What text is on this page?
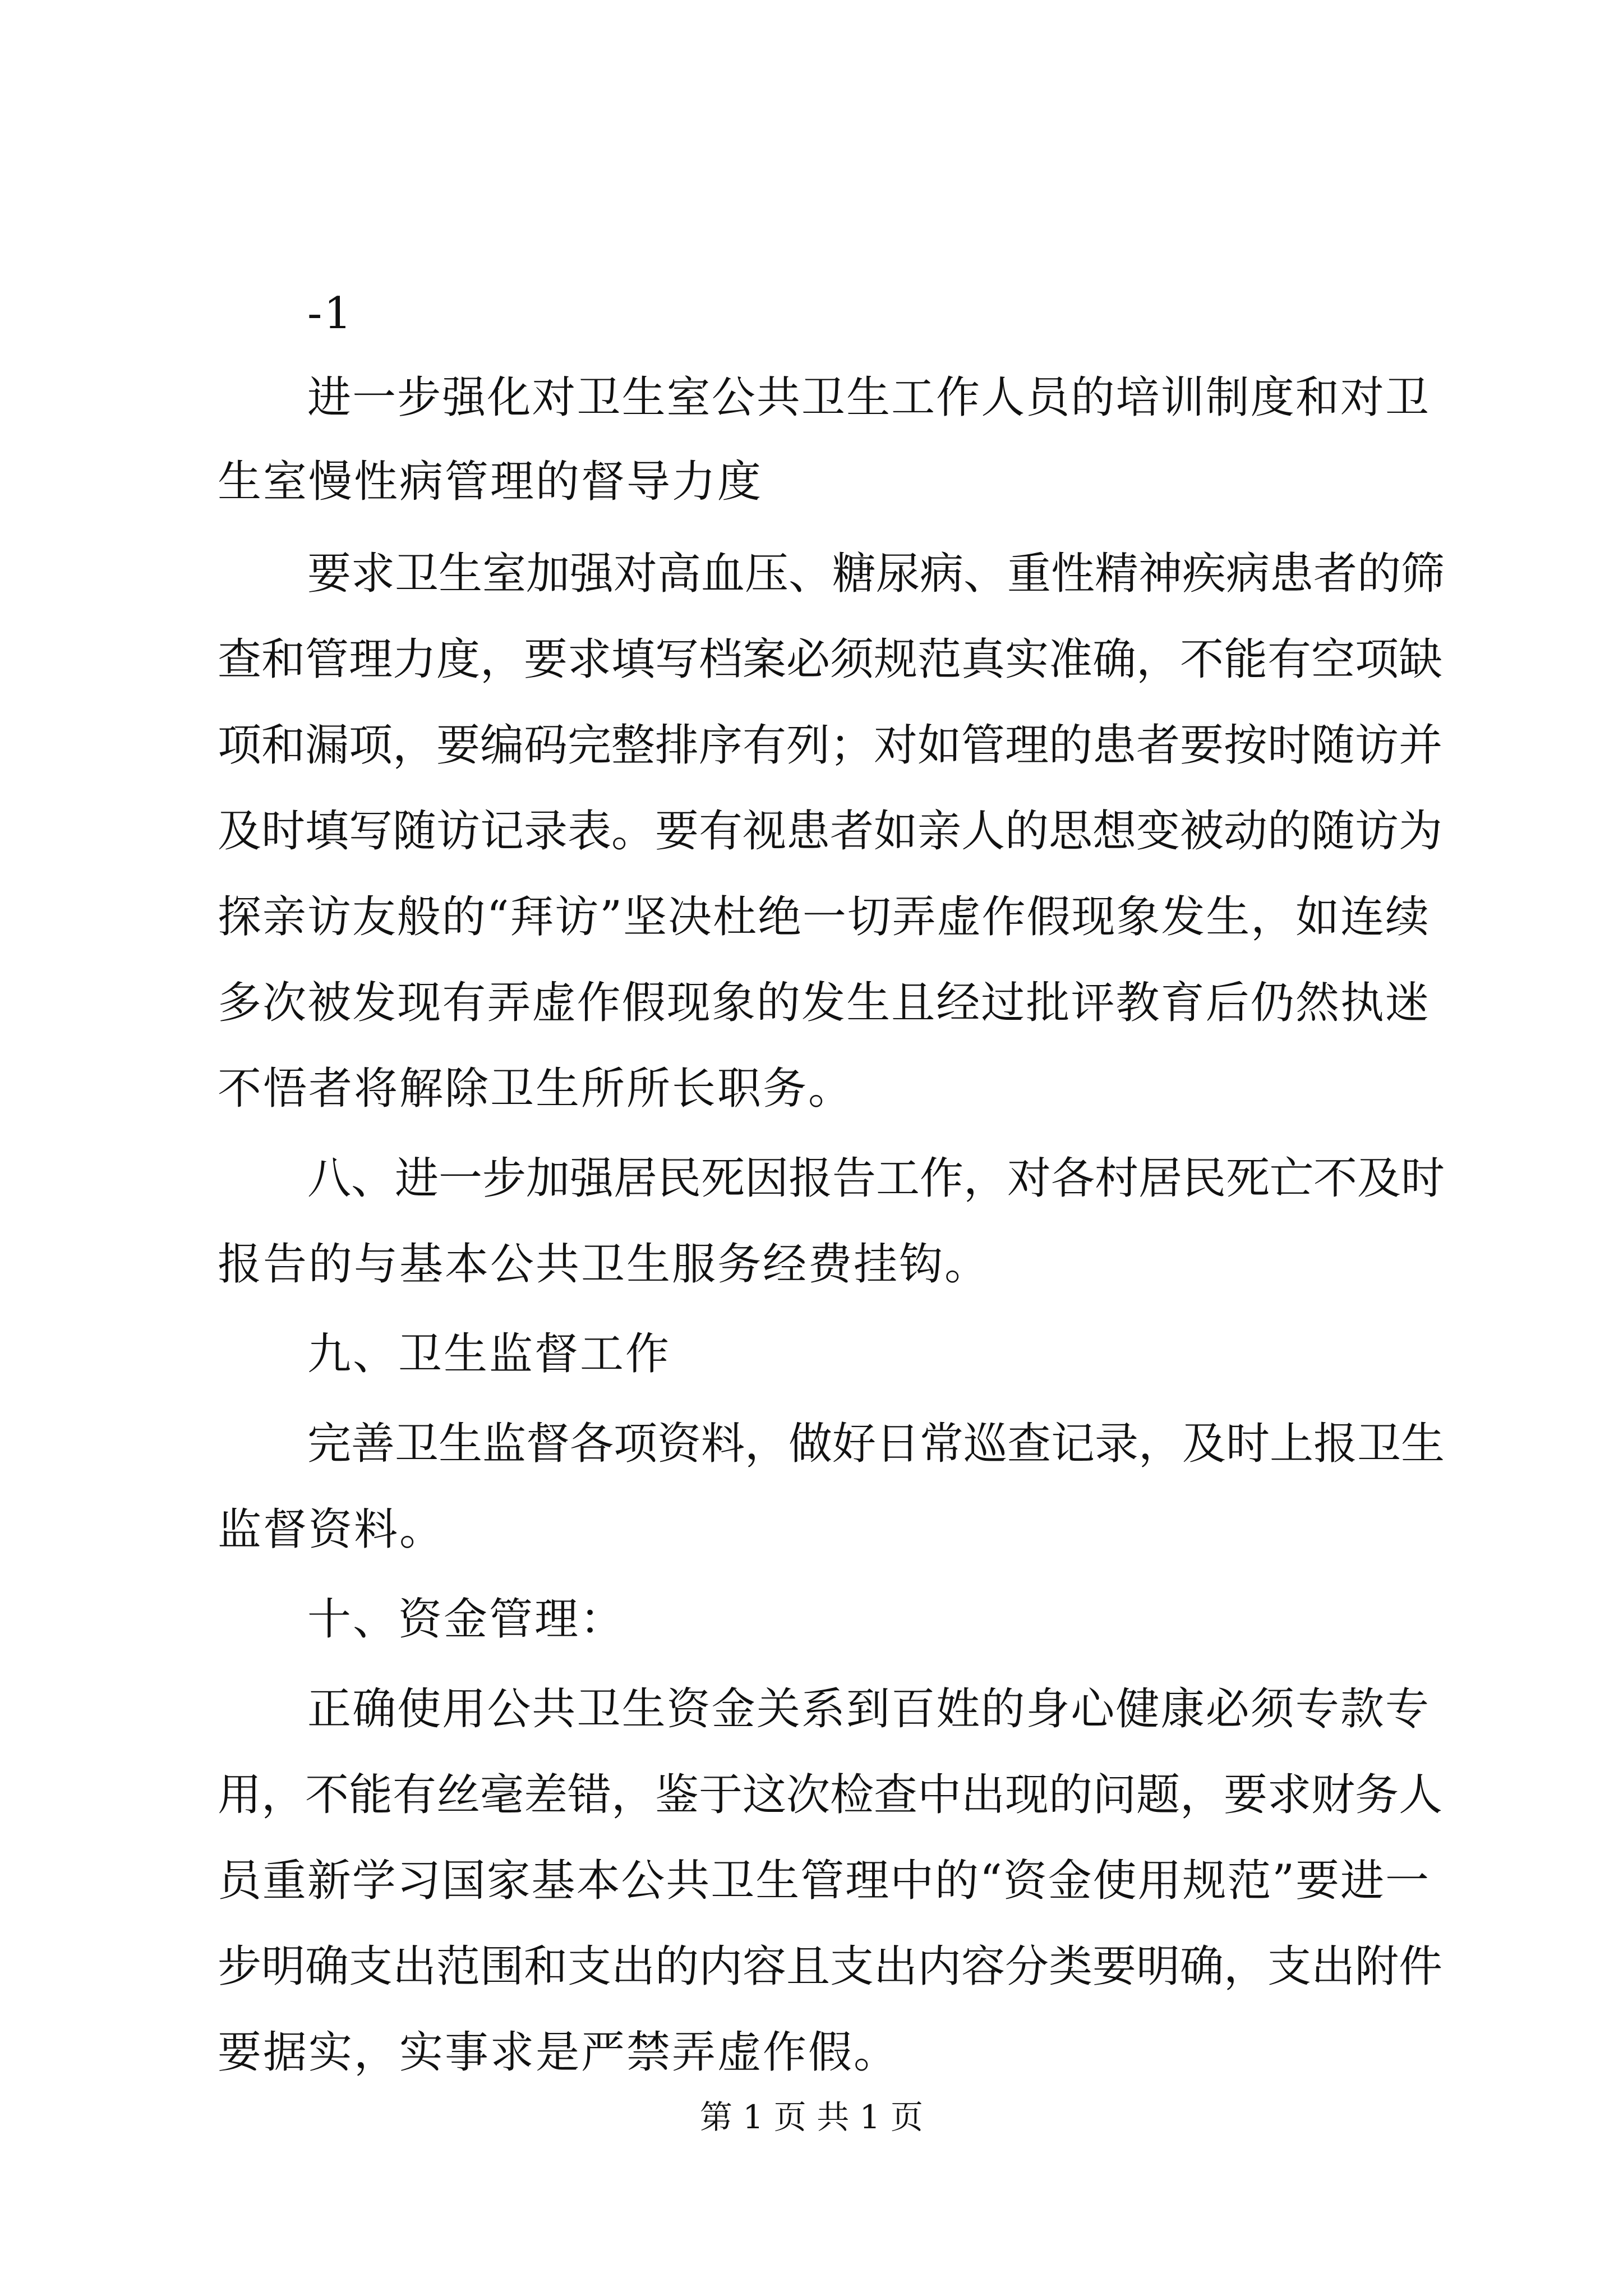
-1
进一步强化对卫生室公共卫生工作人员的培训制度和对卫
生室慢性病管理的督导力度
要求卫生室加强对高血压、糖尿病、重性精神疾病患者的筛
查和管理力度，要求填写档案必须规范真实准确，不能有空项缺
项和漏项，要编码完整排序有列；对如管理的患者要按时随访并
及时填写随访记录表。要有视患者如亲人的思想变被动的随访为
探亲访友般的“拜访”坚决杜绝一切弄虚作假现象发生，如连续
多次被发现有弄虚作假现象的发生且经过批评教育后仍然执迷
不悟者将解除卫生所所长职务。
八、进一步加强居民死因报告工作，对各村居民死亡不及时
报告的与基本公共卫生服务经费挂钩。
九、卫生监督工作
完善卫生监督各项资料，做好日常巡查记录，及时上报卫生
监督资料。
十、资金管理：
正确使用公共卫生资金关系到百姓的身心健康必须专款专
用，不能有丝毫差错，鉴于这次检查中出现的问题，要求财务人
员重新学习国家基本公共卫生管理中的“资金使用规范”要进一
步明确支出范围和支出的内容且支出内容分类要明确，支出附件
要据实，实事求是严禁弄虚作假。
第 1 页 共 1 页
